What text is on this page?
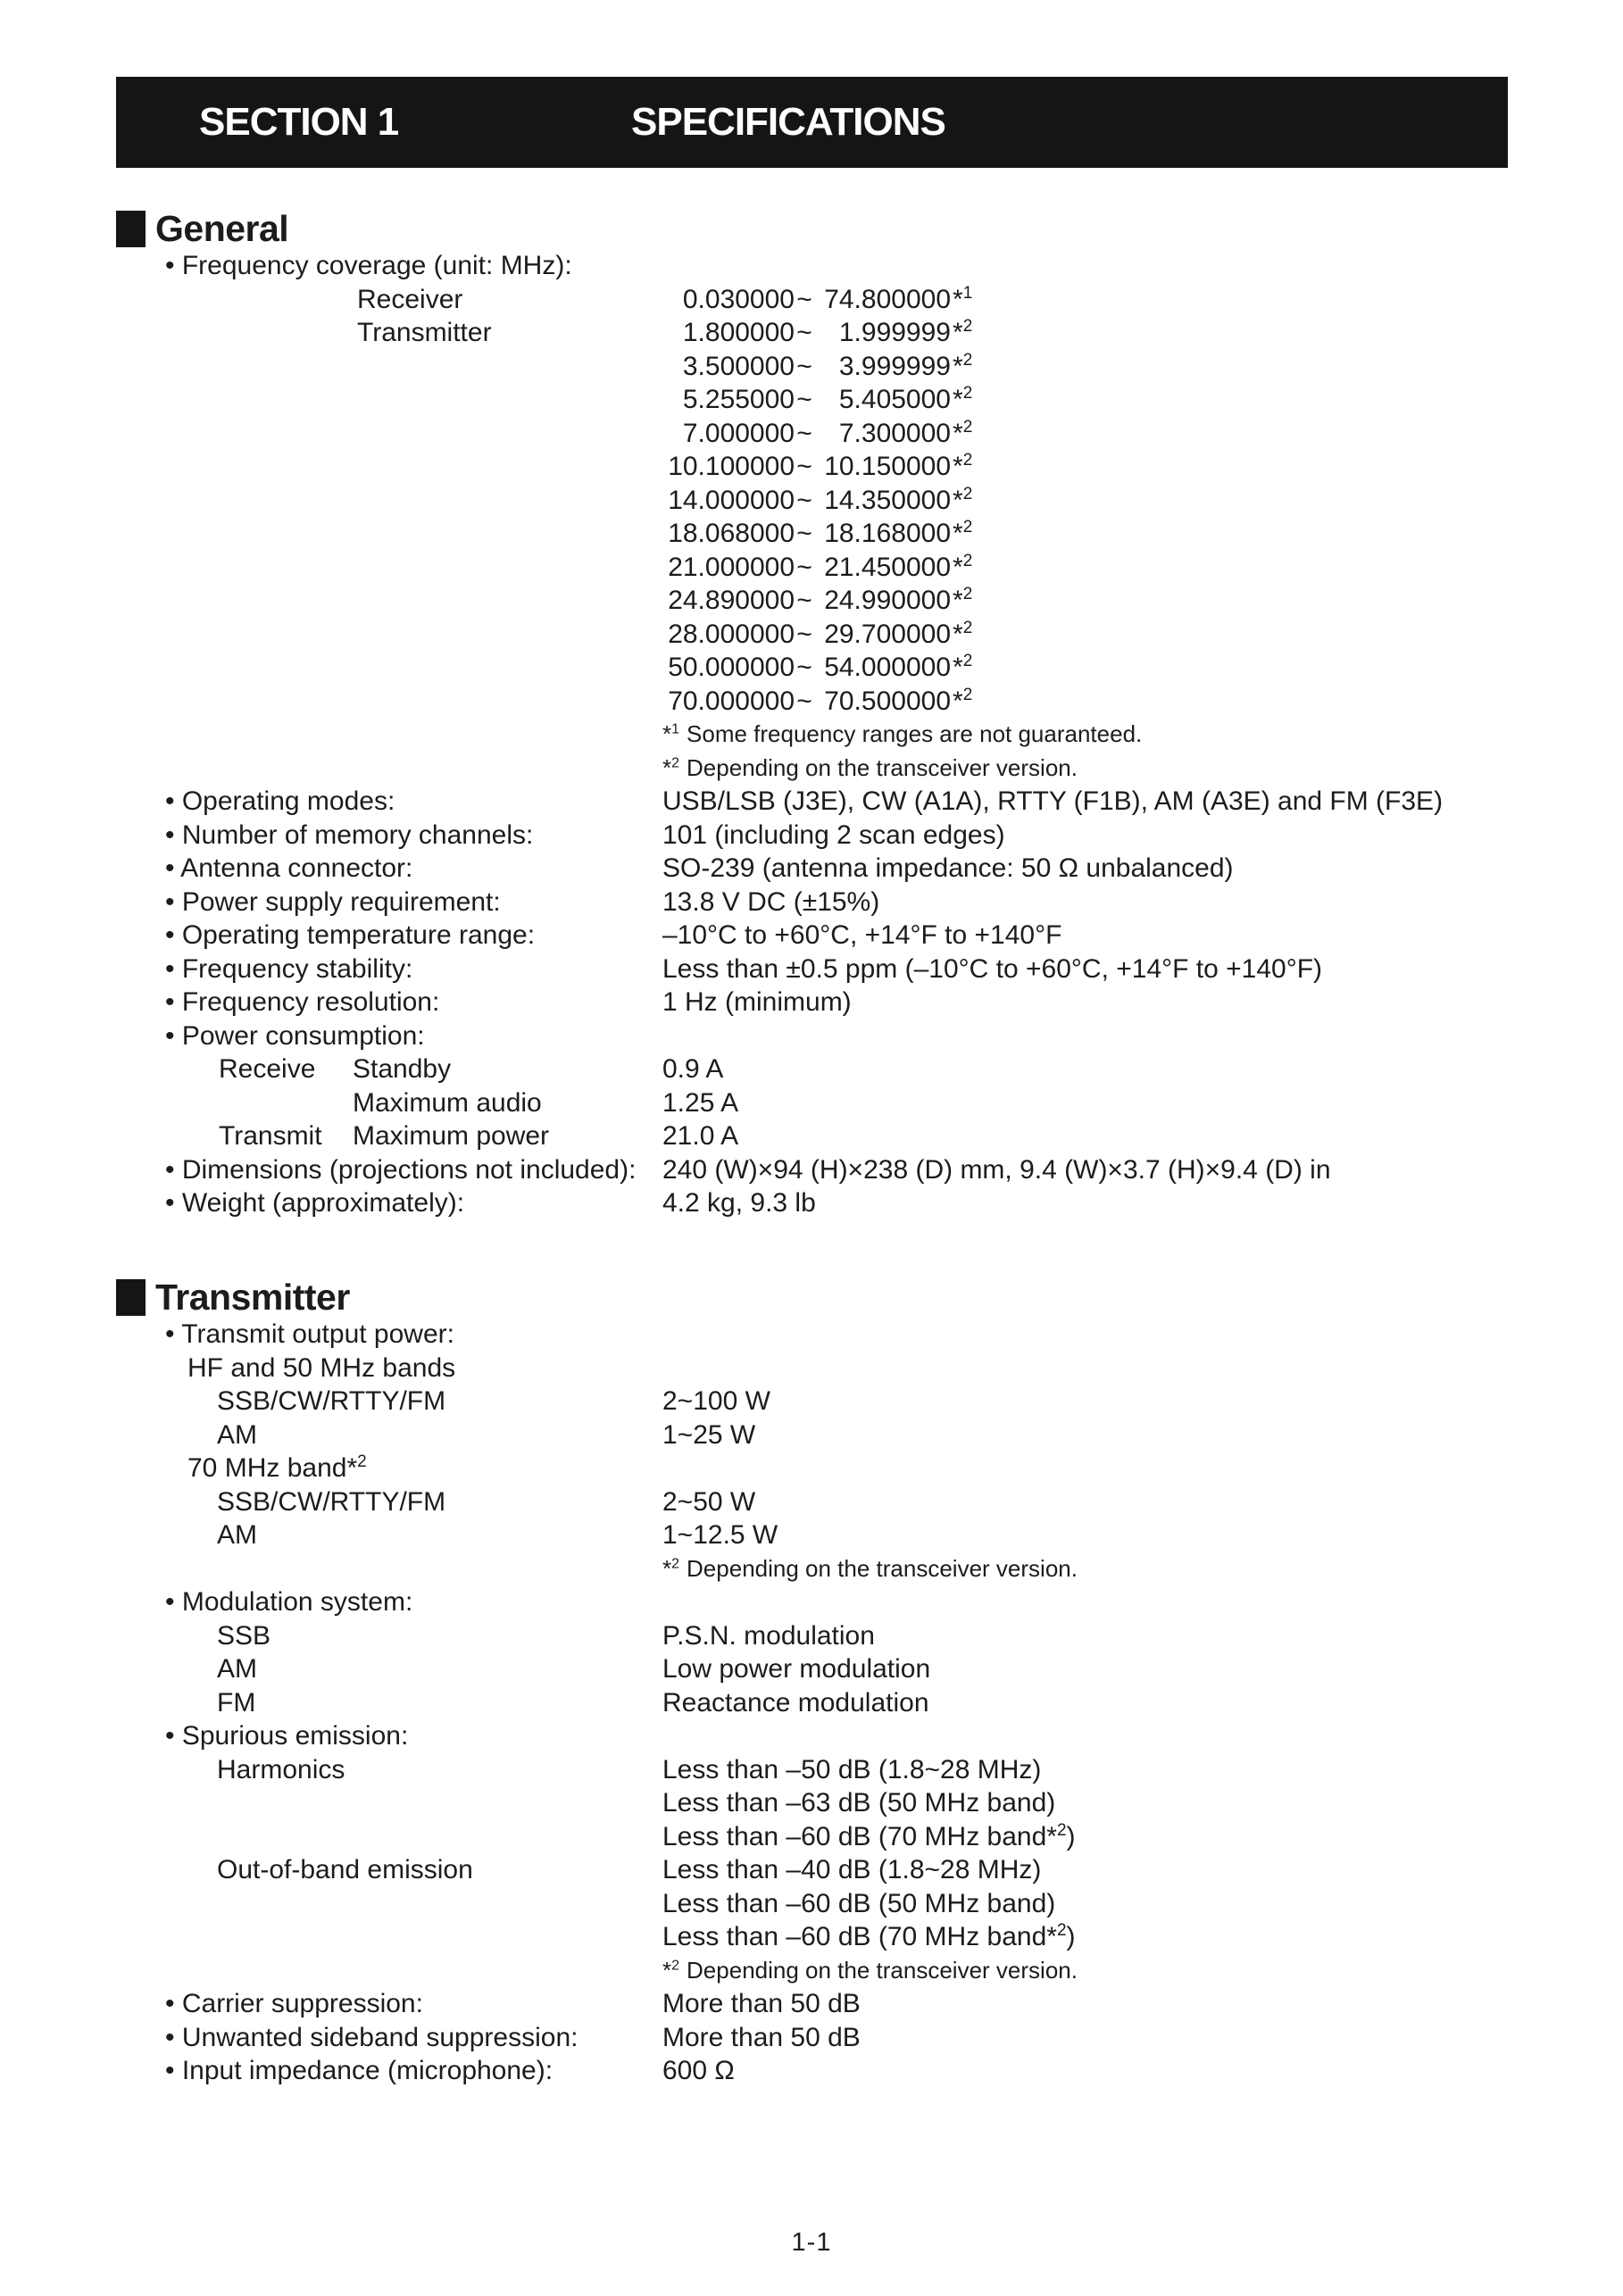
SECTION 1	SPECIFICATIONS
General
• Frequency coverage (unit: MHz):
Receiver	0.030000 ~ 74.800000 *$^1$
Transmitter	1.800000 ~	1.999999 *$^2$
3.500000 ~	3.999999 *$^2$
5.255000 ~	5.405000 *$^2$
7.000000 ~	7.300000 *$^2$
10.100000 ~ 10.150000 *$^2$
14.000000 ~ 14.350000 *$^2$
18.068000 ~ 18.168000 *$^2$
21.000000 ~ 21.450000 *$^2$
24.890000 ~ 24.990000 *$^2$
28.000000 ~ 29.700000 *$^2$
50.000000 ~ 54.000000 *$^2$
70.000000 ~ 70.500000 *$^2$
*$^1$ Some frequency ranges are not guaranteed.
*$^2$ Depending on the transceiver version.
• Operating modes:	USB/LSB (J3E), CW (A1A), RTTY (F1B), AM (A3E) and FM (F3E)
• Number of memory channels:	101 (including 2 scan edges)
• Antenna connector:	SO-239 (antenna impedance: 50 Ω unbalanced)
• Power supply requirement:	13.8 V DC (±15%)
• Operating temperature range:	–10°C to +60°C, +14°F to +140°F
• Frequency stability:	Less than ±0.5 ppm (–10°C to +60°C, +14°F to +140°F)
• Frequency resolution:	1 Hz (minimum)
• Power consumption:
Receive Standby	0.9 A
Maximum audio	1.25 A
Transmit Maximum power	21.0 A
• Dimensions (projections not included): 240 (W)×94 (H)×238 (D) mm, 9.4 (W)×3.7 (H)×9.4 (D) in
• Weight (approximately):	4.2 kg, 9.3 lb
Transmitter
• Transmit output power:
HF and 50 MHz bands
SSB/CW/RTTY/FM	2~100 W
AM	1~25 W
70 MHz band*$^2$
SSB/CW/RTTY/FM	2~50 W
AM	1~12.5 W
*$^2$ Depending on the transceiver version.
• Modulation system:
SSB	P.S.N. modulation
AM	Low power modulation
FM	Reactance modulation
• Spurious emission:
Harmonics	Less than –50 dB (1.8~28 MHz)
Less than –63 dB (50 MHz band)
Less than –60 dB (70 MHz band*$^2$)
Out-of-band emission	Less than –40 dB (1.8~28 MHz)
Less than –60 dB (50 MHz band)
Less than –60 dB (70 MHz band*$^2$)
*$^2$ Depending on the transceiver version.
• Carrier suppression:	More than 50 dB
• Unwanted sideband suppression:	More than 50 dB
• Input impedance (microphone):	600 Ω
1-1
